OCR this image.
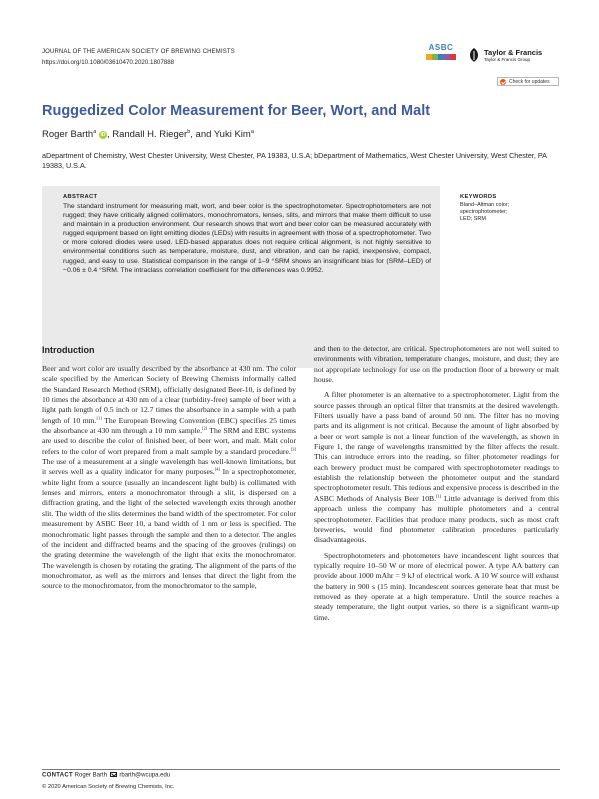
JOURNAL OF THE AMERICAN SOCIETY OF BREWING CHEMISTS
https://doi.org/10.1080/03610470.2020.1807888
ASBC	Taylor & Francis
Taylor & Francis Group
Check for updates
Ruggedized Color Measurement for Beer, Wort, and Malt
Roger Barth$^a$ iD , Randall H. Rieger$^b$, and Yuki Kim$^a$
aDepartment of Chemistry, West Chester University, West Chester, PA 19383, U.S.A; bDepartment of Mathematics, West Chester University, West Chester, PA 19383, U.S.A.
ABSTRACT
The standard instrument for measuring malt, wort, and beer color is the spectrophotometer. Spectrophotometers are not rugged; they have critically aligned collimators, monochromators, lenses, slits, and mirrors that make them difficult to use and maintain in a production environment. Our research shows that wort and beer color can be measured accurately with rugged equipment based on light emitting diodes (LEDs) with results in agreement with those of a spectrophotometer. Two or more colored diodes were used. LED-based apparatus does not require critical alignment, is not highly sensitive to environmental conditions such as temperature, moisture, dust, and vibration, and can be rapid, inexpensive, compact, rugged, and easy to use. Statistical comparison in the range of 1–9 °SRM shows an insignificant bias for (SRM–LED) of −0.06 ± 0.4 °SRM. The intraclass correlation coefficient for the differences was 0.9952.
KEYWORDS
Bland–Altman color;
spectrophotometer;
LED; SRM
Introduction

Beer and wort color are usually described by the absorbance at 430 nm. The color scale specified by the American Society of Brewing Chemists informally called the Standard Research Method (SRM), officially designated Beer-10, is defined by 10 times the absorbance at 430 nm of a clear (turbidity-free) sample of beer with a light path length of 0.5 inch or 12.7 times the absorbance in a sample with a path length of 10 mm.[1] The European Brewing Convention (EBC) specifies 25 times the absorbance at 430 nm through a 10 mm sample.[2] The SRM and EBC systems are used to describe the color of finished beer, of beer wort, and malt. Malt color refers to the color of wort prepared from a malt sample by a standard procedure.[3] The use of a measurement at a single wavelength has well-known limitations, but it serves well as a quality indicator for many purposes.[4] In a spectrophotometer, white light from a source (usually an incandescent light bulb) is collimated with lenses and mirrors, enters a monochromator through a slit, is dispersed on a diffraction grating, and the light of the selected wavelength exits through another slit. The width of the slits determines the band width of the spectrometer. For color measurement by ASBC Beer 10, a band width of 1 nm or less is specified. The monochromatic light passes through the sample and then to a detector. The angles of the incident and diffracted beams and the spacing of the grooves (rulings) on the grating determine the wavelength of the light that exits the monochromator. The wavelength is chosen by rotating the grating. The alignment of the parts of the monochromator, as well as the mirrors and lenses that direct the light from the source to the monochromator, from the monochromator to the sample,

and then to the detector, are critical. Spectrophotometers are not well suited to environments with vibration, temperature changes, moisture, and dust; they are not appropriate technology for use on the production floor of a brewery or malt house.

A filter photometer is an alternative to a spectrophotometer. Light from the source passes through an optical filter that transmits at the desired wavelength. Filters usually have a pass band of around 50 nm. The filter has no moving parts and its alignment is not critical. Because the amount of light absorbed by a beer or wort sample is not a linear function of the wavelength, as shown in Figure 1, the range of wavelengths transmitted by the filter affects the result. This can introduce errors into the reading, so filter photometer readings for each brewery product must be compared with spectrophotometer readings to establish the relationship between the photometer output and the standard spectrophotometer result. This tedious and expensive process is described in the ASBC Methods of Analysis Beer 10B.[1] Little advantage is derived from this approach unless the company has multiple photometers and a central spectrophotometer. Facilities that produce many products, such as most craft breweries, would find photometer calibration procedures particularly disadvantageous.

Spectrophotometers and photometers have incandescent light sources that typically require 10–50 W or more of electrical power. A type AA battery can provide about 1000 mAhr = 9 kJ of electrical work. A 10 W source will exhaust the battery in 900 s (15 min). Incandescent sources generate heat that must be removed as they operate at a high temperature. Until the source reaches a steady temperature, the light output varies, so there is a significant warm-up time.

CONTACT Roger Barth rbarth@wcupa.edu
© 2020 American Society of Brewing Chemists, Inc.
